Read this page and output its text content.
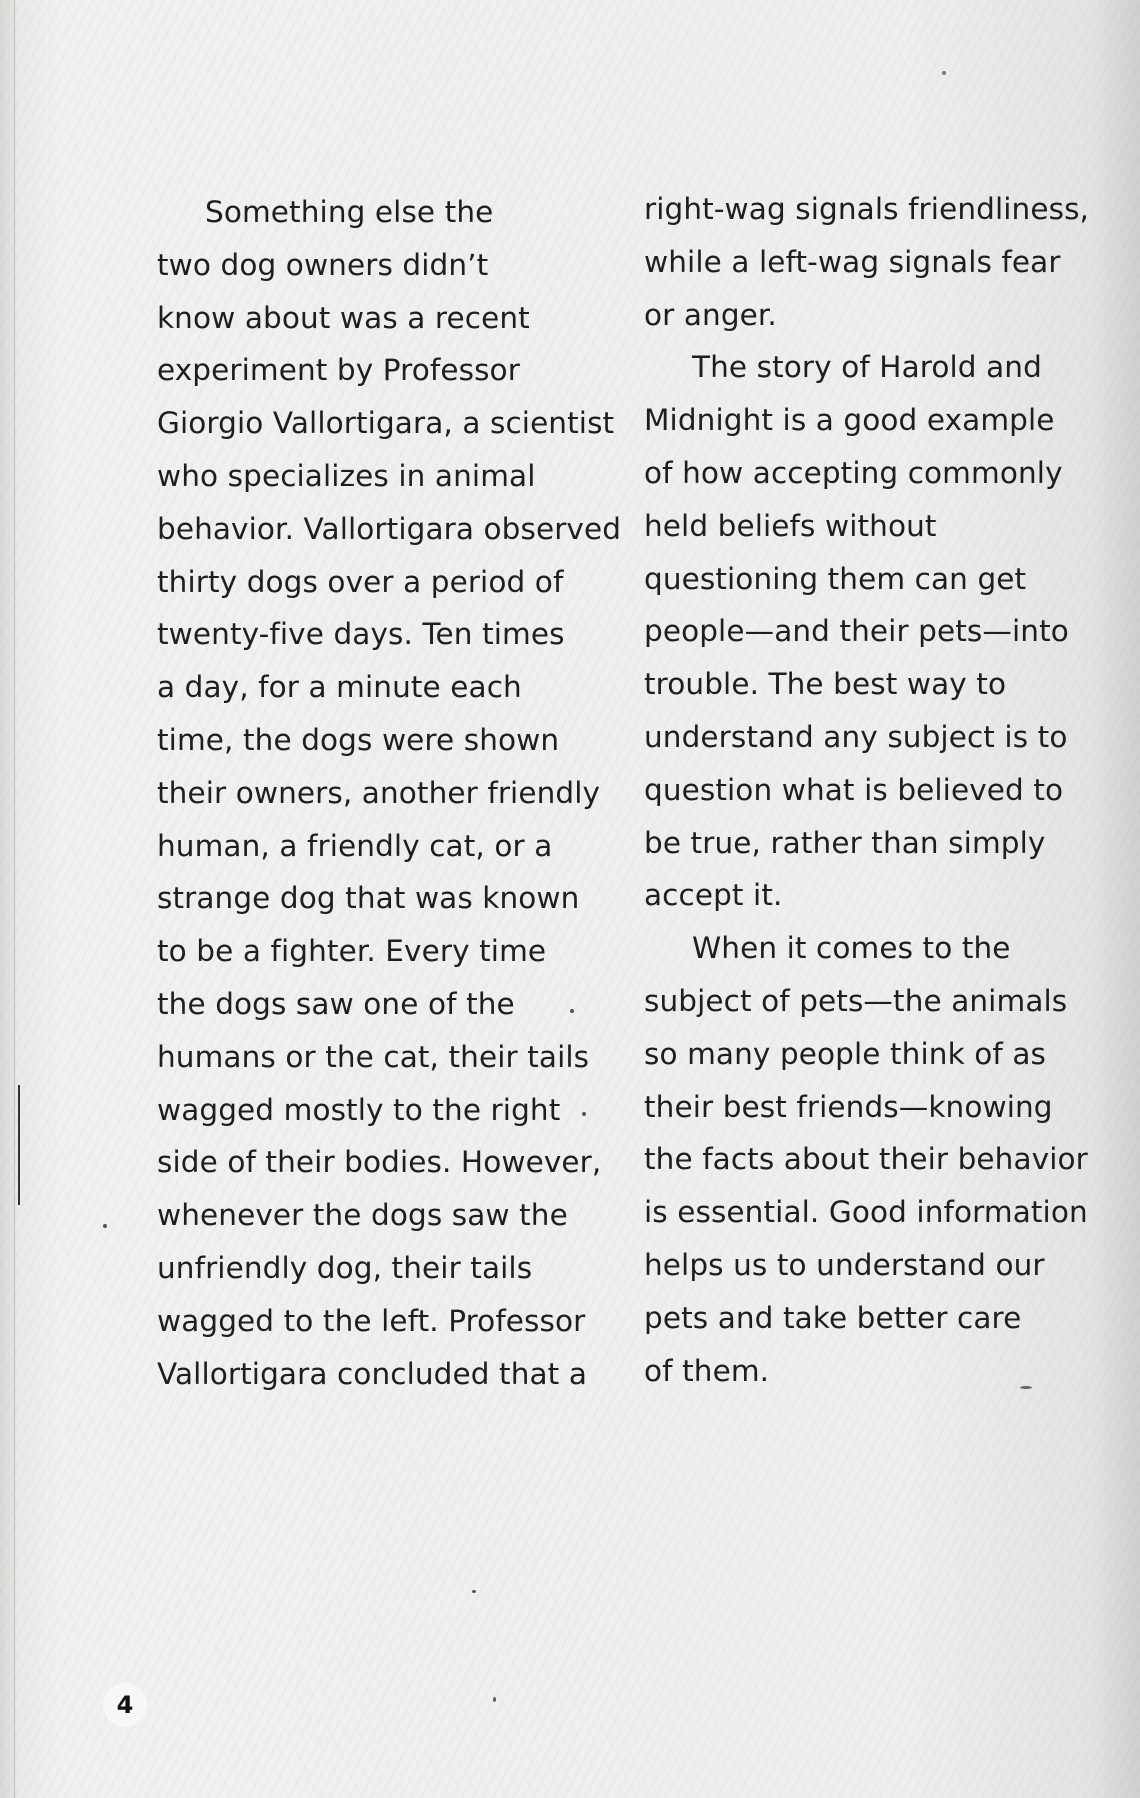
Something else the
two dog owners didn’t
know about was a recent
experiment by Professor
Giorgio Vallortigara, a scientist
who specializes in animal
behavior. Vallortigara observed
thirty dogs over a period of
twenty-five days. Ten times
a day, for a minute each
time, the dogs were shown
their owners, another friendly
human, a friendly cat, or a
strange dog that was known
to be a fighter. Every time
the dogs saw one of the
humans or the cat, their tails
wagged mostly to the right
side of their bodies. However,
whenever the dogs saw the
unfriendly dog, their tails
wagged to the left. Professor
Vallortigara concluded that a
right-wag signals friendliness,
while a left-wag signals fear
or anger.
The story of Harold and
Midnight is a good example
of how accepting commonly
held beliefs without
questioning them can get
people—and their pets—into
trouble. The best way to
understand any subject is to
question what is believed to
be true, rather than simply
accept it.
When it comes to the
subject of pets—the animals
so many people think of as
their best friends—knowing
the facts about their behavior
is essential. Good information
helps us to understand our
pets and take better care
of them.
4
